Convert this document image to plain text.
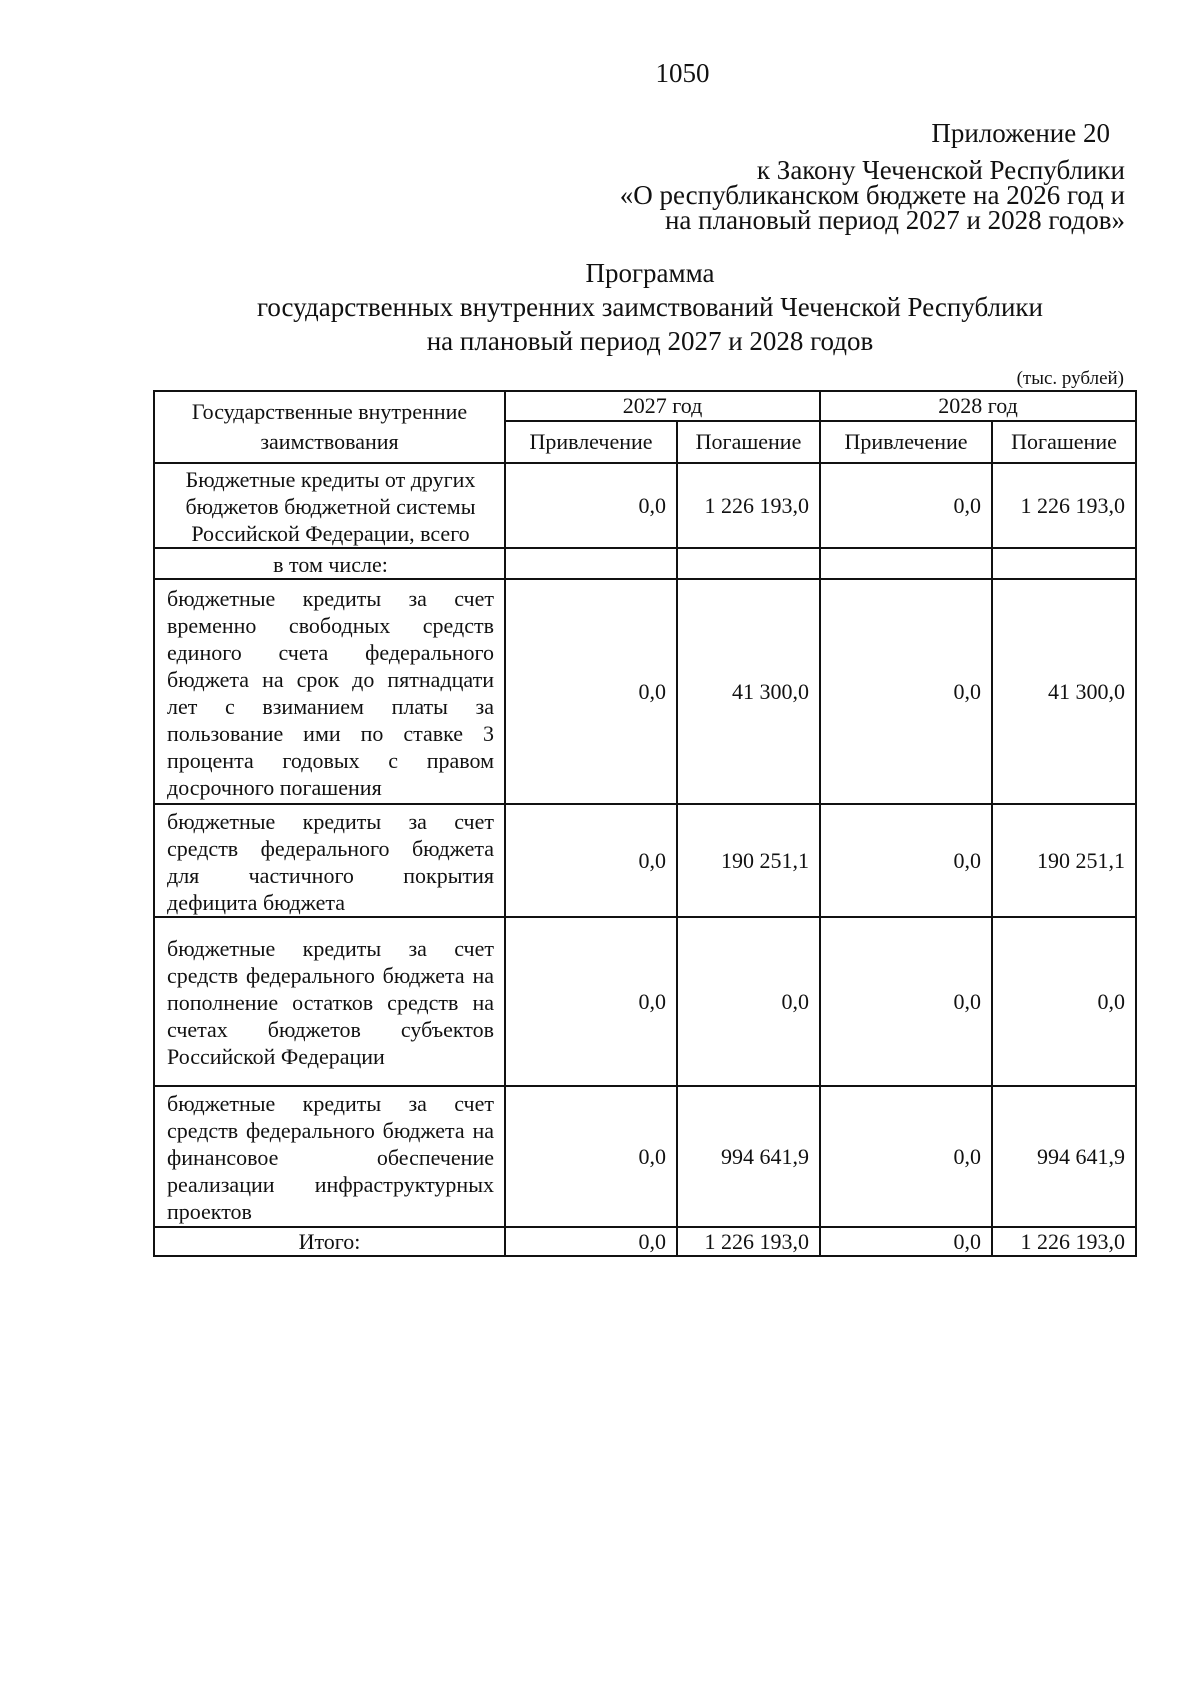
1050
Приложение 20
к Закону Чеченской Республики
«О республиканском бюджете на 2026 год и
на плановый период 2027 и 2028 годов»
Программа
государственных внутренних заимствований Чеченской Республики
на плановый период 2027 и 2028 годов
(тыс. рублей)
Государственные внутренние заимствования	2027 год		2028 год	
	Привлечение	Погашение	Привлечение	Погашение
Бюджетные кредиты от других бюджетов бюджетной системы Российской Федерации, всего	0,0	1 226 193,0	0,0	1 226 193,0
в том числе:				
бюджетные кредиты за счет временно свободных средств единого счета федерального бюджета на срок до пятнадцати лет с взиманием платы за пользование ими по ставке 3 процента годовых с правом досрочного погашения	0,0	41 300,0	0,0	41 300,0
бюджетные кредиты за счет средств федерального бюджета для частичного покрытия дефицита бюджета	0,0	190 251,1	0,0	190 251,1
бюджетные кредиты за счет средств федерального бюджета на пополнение остатков средств на счетах бюджетов субъектов Российской Федерации	0,0	0,0	0,0	0,0
бюджетные кредиты за счет средств федерального бюджета на финансовое обеспечение реализации инфраструктурных проектов	0,0	994 641,9	0,0	994 641,9
Итого:	0,0	1 226 193,0	0,0	1 226 193,0
